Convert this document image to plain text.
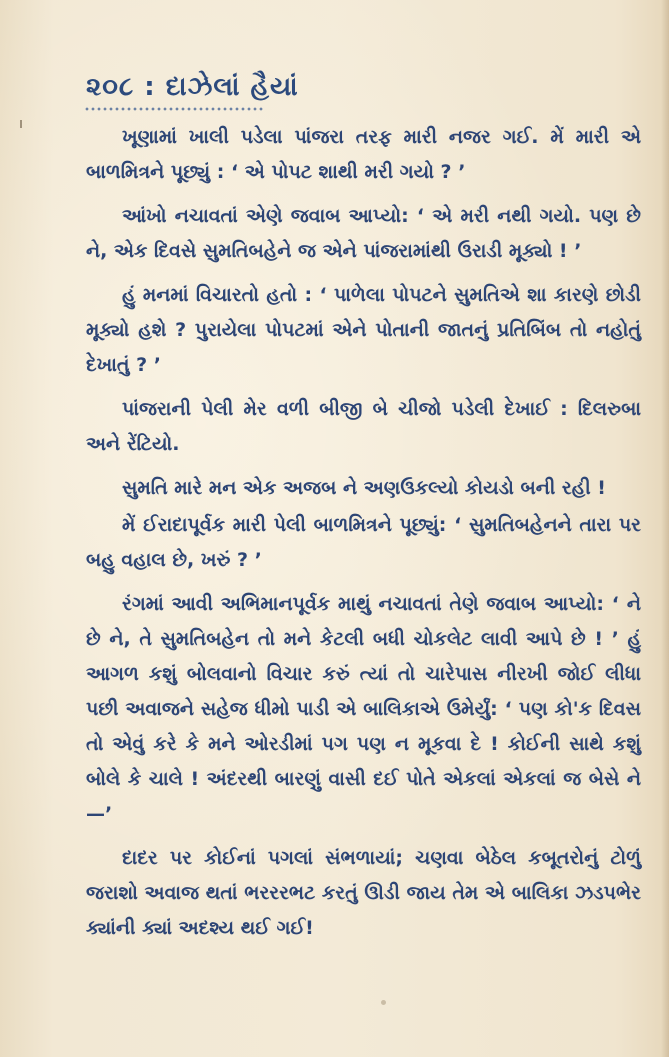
૨૦૮ : દાઝેલાં હૈયાં

ખૂણામાં ખાલી પડેલા પાંજરા તરફ મારી નજર ગઈ. મેં મારી એ બાળમિત્રને પૂછ્યું : ‘ એ પોપટ શાથી મરી ગયો ? ’

આંખો નચાવતાં એણે જવાબ આપ્યો: ‘ એ મરી નથી ગયો. પણ છે ને, એક દિવસે સુમતિબહેને જ એને પાંજરામાંથી ઉરાડી મૂક્યો ! ’

હું મનમાં વિચારતો હતો : ‘ પાળેલા પોપટને સુમતિએ શા કારણે છોડી મૂક્યો હશે ? પુરાયેલા પોપટમાં એને પોતાની જાતનું પ્રતિબિંબ તો નહોતું દેખાતું ? ’

પાંજરાની પેલી મેર વળી બીજી બે ચીજો પડેલી દેખાઈ : દિલરુબા અને રેંટિયો.

સુમતિ મારે મન એક અજબ ને અણઉકલ્યો કોયડો બની રહી !

મેં ઈરાદાપૂર્વક મારી પેલી બાળમિત્રને પૂછ્યું: ‘ સુમતિબહેનને તારા પર બહુ વહાલ છે, ખરું ? ’

રંગમાં આવી અભિમાનપૂર્વક માથું નચાવતાં તેણે જવાબ આપ્યો: ‘ ને છે ને, તે સુમતિબહેન તો મને કેટલી બધી ચોકલેટ લાવી આપે છે ! ’ હું આગળ કશું બોલવાનો વિચાર કરું ત્યાં તો ચારેપાસ નીરખી જોઈ લીધા પછી અવાજને સહેજ ધીમો પાડી એ બાલિકાએ ઉમેર્યું: ‘ પણ કો'ક દિવસ તો એવું કરે કે મને ઓરડીમાં પગ પણ ન મૂકવા દે ! કોઈની સાથે કશું બોલે કે ચાલે ! અંદરથી બારણું વાસી દઈ પોતે એકલાં એકલાં જ બેસે ને—’

દાદર પર કોઈનાં પગલાં સંભળાયાં; ચણવા બેઠેલ કબૂતરોનું ટોળું જરાશો અવાજ થતાં ભરરરભટ કરતું ઊડી જાય તેમ એ બાલિકા ઝડપભેર ક્યાંની ક્યાં અદશ્ય થઈ ગઈ!
